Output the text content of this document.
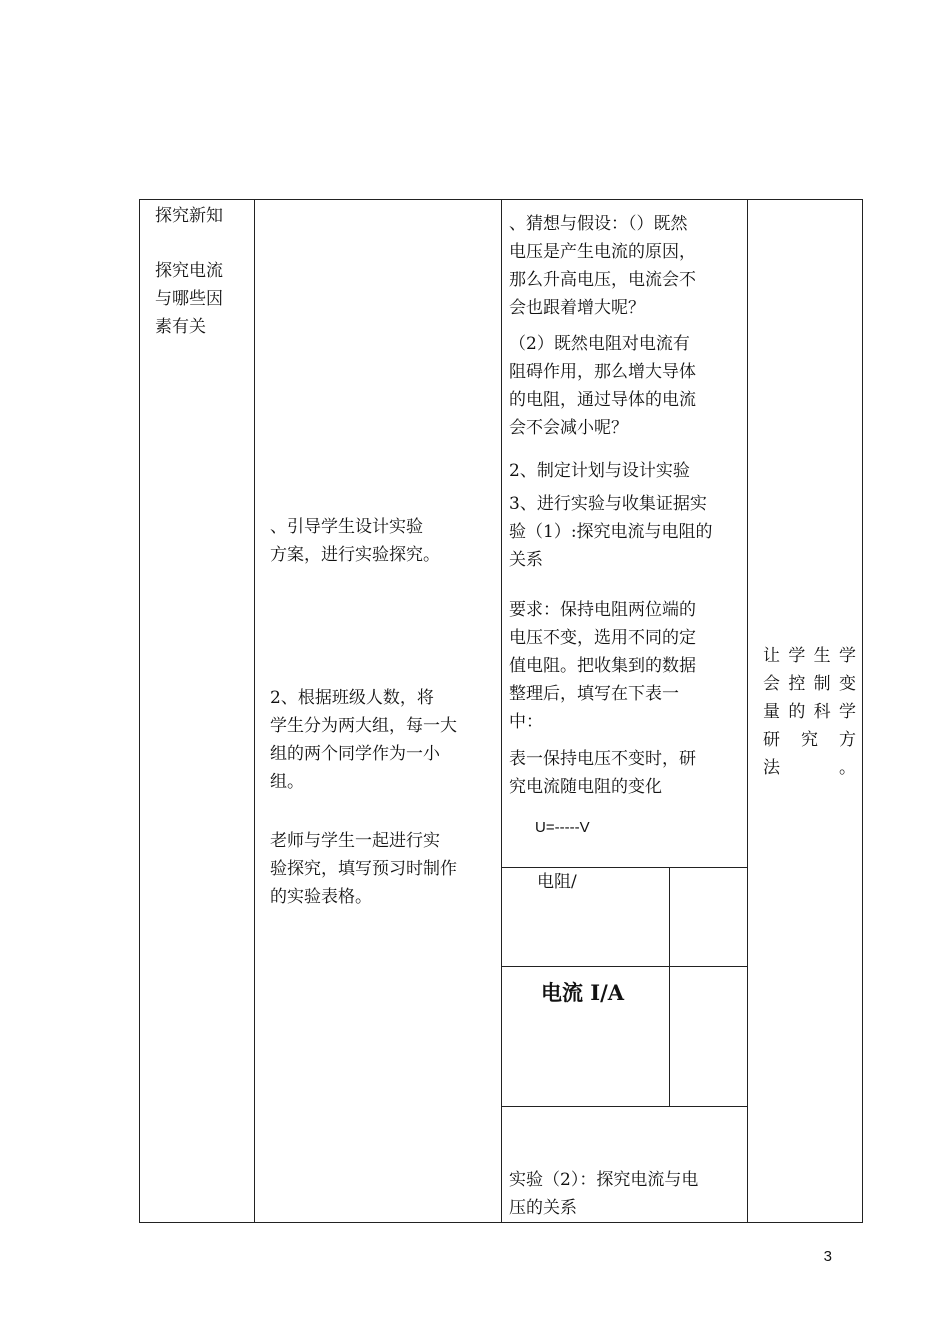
探究新知
探究电流
与哪些因
素有关
、引导学生设计实验
方案，进行实验探究。
2、根据班级人数，将
学生分为两大组，每一大
组的两个同学作为一小
组。
老师与学生一起进行实
验探究，填写预习时制作
的实验表格。
、猜想与假设：（）既然
电压是产生电流的原因，
那么升高电压，电流会不
会也跟着增大呢？
（2）既然电阻对电流有
阻碍作用，那么增大导体
的电阻，通过导体的电流
会不会减小呢？
2、制定计划与设计实验
3、进行实验与收集证据实
验（1）:探究电流与电阻的
关系
要求：保持电阻两位端的
电压不变，选用不同的定
值电阻。把收集到的数据
整理后，填写在下表一
中：
表一保持电压不变时，研
究电流随电阻的变化
U=-----V
电阻/
电流 I/A
实验（2）：探究电流与电
压的关系
让学生学
会控制变
量的科学
研究方
法。
3
